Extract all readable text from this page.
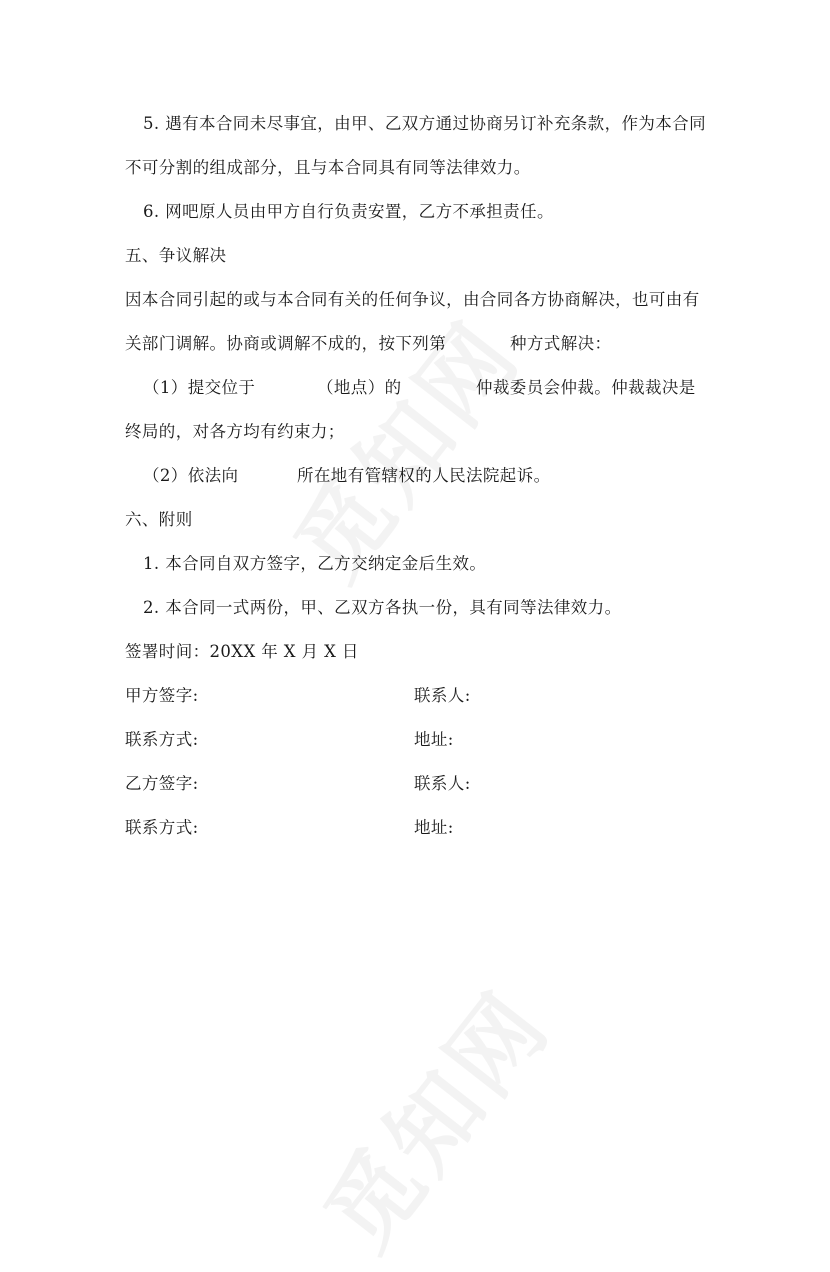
5. 遇有本合同未尽事宜，由甲、乙双方通过协商另订补充条款，作为本合同
不可分割的组成部分，且与本合同具有同等法律效力。
6. 网吧原人员由甲方自行负责安置，乙方不承担责任。
五、争议解决
因本合同引起的或与本合同有关的任何争议，由合同各方协商解决，也可由有
关部门调解。协商或调解不成的，按下列第	种方式解决：
（1）提交位于	（地点）的	仲裁委员会仲裁。仲裁裁决是
终局的，对各方均有约束力；
（2）依法向	所在地有管辖权的人民法院起诉。
六、附则
1. 本合同自双方签字，乙方交纳定金后生效。
2. 本合同一式两份，甲、乙双方各执一份，具有同等法律效力。
签署时间：20XX 年 X 月 X 日
甲方签字:	联系人:
联系方式:	地址:
乙方签字:	联系人:
联系方式:	地址:
